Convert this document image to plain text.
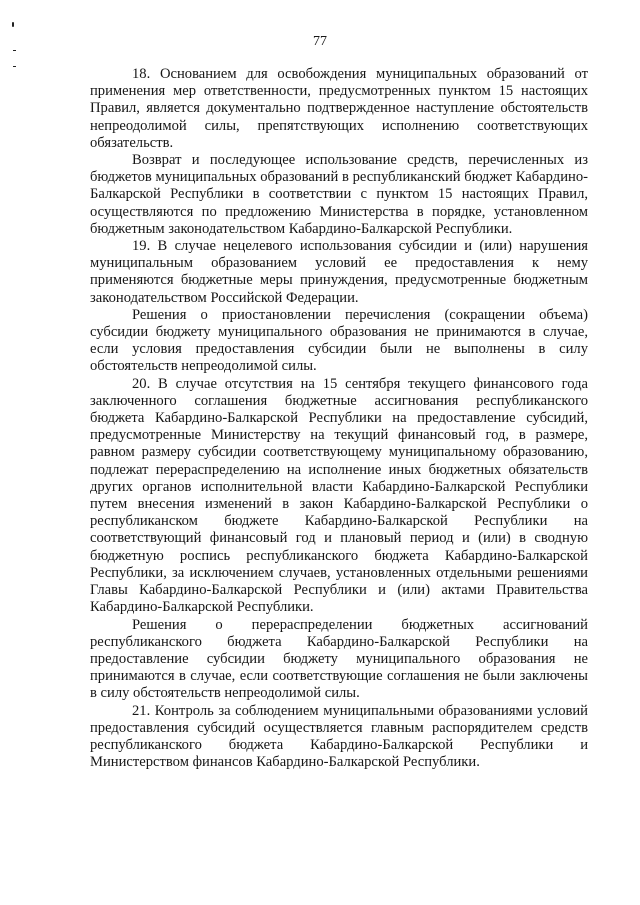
77

18. Основанием для освобождения муниципальных образований от применения мер ответственности, предусмотренных пунктом 15 настоящих Правил, является документально подтвержденное наступление обстоятельств непреодолимой силы, препятствующих исполнению соответствующих обязательств.

Возврат и последующее использование средств, перечисленных из бюджетов муниципальных образований в республиканский бюджет Кабардино-Балкарской Республики в соответствии с пунктом 15 настоящих Правил, осуществляются по предложению Министерства в порядке, установленном бюджетным законодательством Кабардино-Балкарской Республики.

19. В случае нецелевого использования субсидии и (или) нарушения муниципальным образованием условий ее предоставления к нему применяются бюджетные меры принуждения, предусмотренные бюджетным законодательством Российской Федерации.

Решения о приостановлении перечисления (сокращении объема) субсидии бюджету муниципального образования не принимаются в случае, если условия предоставления субсидии были не выполнены в силу обстоятельств непреодолимой силы.

20. В случае отсутствия на 15 сентября текущего финансового года заключенного соглашения бюджетные ассигнования республиканского бюджета Кабардино-Балкарской Республики на предоставление субсидий, предусмотренные Министерству на текущий финансовый год, в размере, равном размеру субсидии соответствующему муниципальному образованию, подлежат перераспределению на исполнение иных бюджетных обязательств других органов исполнительной власти Кабардино-Балкарской Республики путем внесения изменений в закон Кабардино-Балкарской Республики о республиканском бюджете Кабардино-Балкарской Республики на соответствующий финансовый год и плановый период и (или) в сводную бюджетную роспись республиканского бюджета Кабардино-Балкарской Республики, за исключением случаев, установленных отдельными решениями Главы Кабардино-Балкарской Республики и (или) актами Правительства Кабардино-Балкарской Республики.

Решения о перераспределении бюджетных ассигнований республиканского бюджета Кабардино-Балкарской Республики на предоставление субсидии бюджету муниципального образования не принимаются в случае, если соответствующие соглашения не были заключены в силу обстоятельств непреодолимой силы.

21. Контроль за соблюдением муниципальными образованиями условий предоставления субсидий осуществляется главным распорядителем средств республиканского бюджета Кабардино-Балкарской Республики и Министерством финансов Кабардино-Балкарской Республики.
